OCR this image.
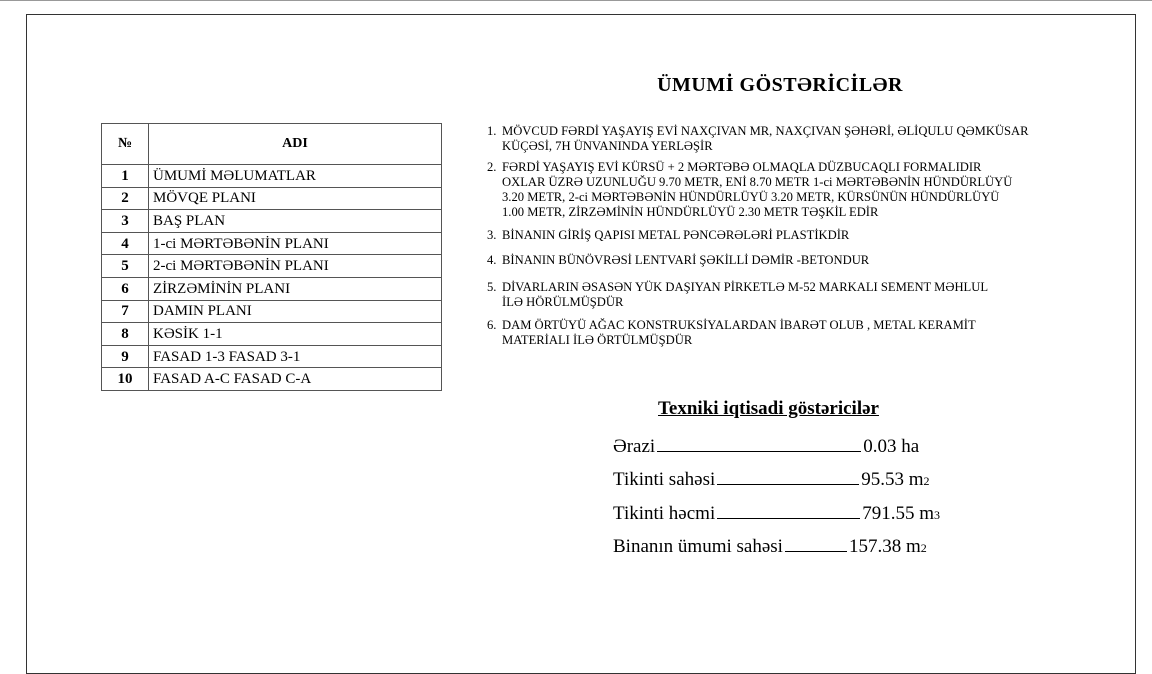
№	ADI
1	ÜMUMİ MƏLUMATLAR
2	MÖVQE PLANI
3	BAŞ PLAN
4	1-ci MƏRTƏBƏNİN PLANI
5	2-ci MƏRTƏBƏNİN PLANI
6	ZİRZƏMİNİN PLANI
7	DAMIN PLANI
8	KƏSİK 1-1
9	FASAD 1-3 FASAD 3-1
10	FASAD A-C FASAD C-A
ÜMUMİ GÖSTƏRİCİLƏR
1. MÖVCUD FƏRDİ YAŞAYIŞ EVİ NAXÇIVAN MR, NAXÇIVAN ŞƏHƏRİ, ƏLİQULU QƏMKÜSAR
KÜÇƏSİ, 7H ÜNVANINDA YERLƏŞİR
2. FƏRDİ YAŞAYIŞ EVİ KÜRSÜ + 2 MƏRTƏBƏ OLMAQLA DÜZBUCAQLI FORMALIDIR
OXLAR ÜZRƏ UZUNLUĞU 9.70 METR, ENİ 8.70 METR 1-ci MƏRTƏBƏNİN HÜNDÜRLÜYÜ
3.20 METR, 2-ci MƏRTƏBƏNİN HÜNDÜRLÜYÜ 3.20 METR, KÜRSÜNÜN HÜNDÜRLÜYÜ
1.00 METR, ZİRZƏMİNİN HÜNDÜRLÜYÜ 2.30 METR TƏŞKİL EDİR
3. BİNANIN GİRİŞ QAPISI METAL PƏNCƏRƏLƏRİ PLASTİKDİR
4. BİNANIN BÜNÖVRƏSİ LENTVARİ ŞƏKİLLİ DƏMİR -BETONDUR
5. DİVARLARIN ƏSASƏN YÜK DAŞIYAN PİRKETLƏ M-52 MARKALI SEMENT MƏHLUL
İLƏ HÖRÜLMÜŞDÜR
6. DAM ÖRTÜYÜ AĞAC KONSTRUKSİYALARDAN İBARƏT OLUB , METAL KERAMİT
MATERİALI İLƏ ÖRTÜLMÜŞDÜR
Texniki iqtisadi göstəricilər
Ərazi	0.03 ha
Tikinti sahəsi	95.53 m 2
Tikinti həcmi	791.55 m 3
Binanın ümumi sahəsi	157.38 m 2
